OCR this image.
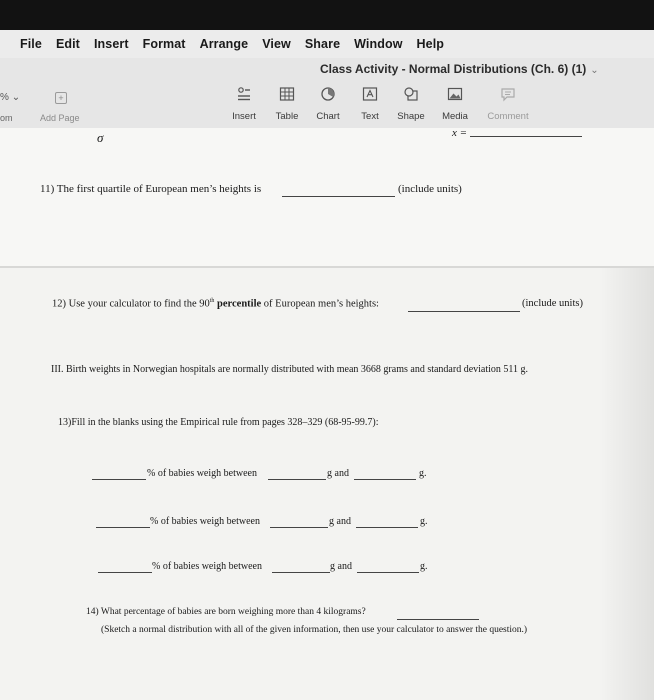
File Edit Insert Format Arrange View Share Window Help
Class Activity - Normal Distributions (Ch. 6) (1) ⌄
% ⌄
om
+
Add Page	Insert	Table	Chart	Text	Shape	Media	Comment
σ	x =
11) The first quartile of European men’s heights is	(include units)
12) Use your calculator to find the 90th percentile of European men’s heights:	(include units)
III. Birth weights in Norwegian hospitals are normally distributed with mean 3668 grams and standard deviation 511 g.
13)Fill in the blanks using the Empirical rule from pages 328–329 (68-95-99.7):
% of babies weigh between	g and	g.
% of babies weigh between	g and	g.
% of babies weigh between	g and	g.
14) What percentage of babies are born weighing more than 4 kilograms?
(Sketch a normal distribution with all of the given information, then use your calculator to answer the question.)
